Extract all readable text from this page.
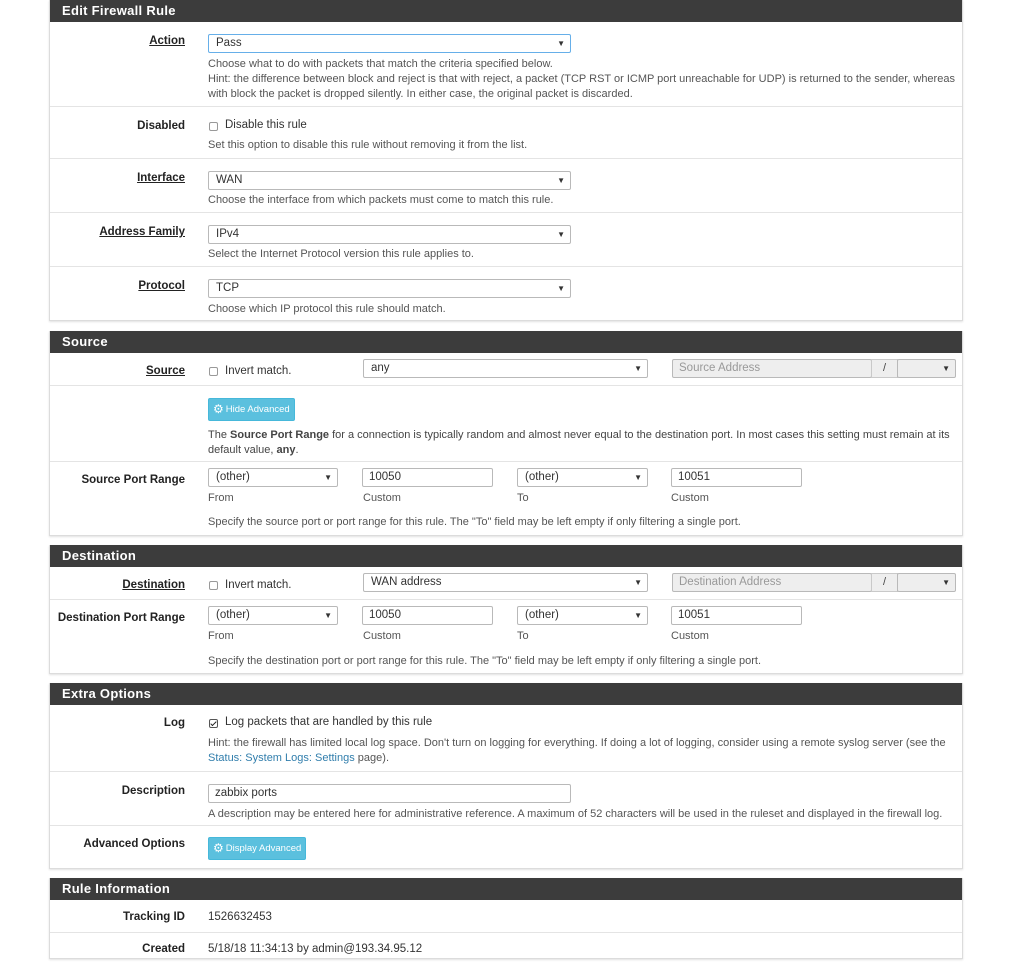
Edit Firewall Rule
Action	Pass ▼
Choose what to do with packets that match the criteria specified below.
Hint: the difference between block and reject is that with reject, a packet (TCP RST or ICMP port unreachable for UDP) is returned to the sender, whereas with block the packet is dropped silently. In either case, the original packet is discarded.
Disabled	Disable this rule
Set this option to disable this rule without removing it from the list.
Interface	WAN ▼
Choose the interface from which packets must come to match this rule.
Address Family	IPv4 ▼
Select the Internet Protocol version this rule applies to.
Protocol	TCP ▼
Choose which IP protocol this rule should match.
Source
Source	Invert match.	any ▼	Source Address	/
▼
⚙ Hide Advanced
The Source Port Range for a connection is typically random and almost never equal to the destination port. In most cases this setting must remain at its default value, any.
Source Port Range	(other) ▼	10050	(other) ▼	10051
From	Custom	To	Custom
Specify the source port or port range for this rule. The "To" field may be left empty if only filtering a single port.
Destination
Destination	Invert match.	WAN address ▼	Destination Address	/
▼
Destination Port Range	(other) ▼	10050	(other) ▼	10051
From	Custom	To	Custom
Specify the destination port or port range for this rule. The "To" field may be left empty if only filtering a single port.
Extra Options
Log	Log packets that are handled by this rule
Hint: the firewall has limited local log space. Don't turn on logging for everything. If doing a lot of logging, consider using a remote syslog server (see the Status: System Logs: Settings page).
Description	zabbix ports
A description may be entered here for administrative reference. A maximum of 52 characters will be used in the ruleset and displayed in the firewall log.
Advanced Options	⚙ Display Advanced
Rule Information
Tracking ID 1526632453
Created 5/18/18 11:34:13 by admin@193.34.95.12
